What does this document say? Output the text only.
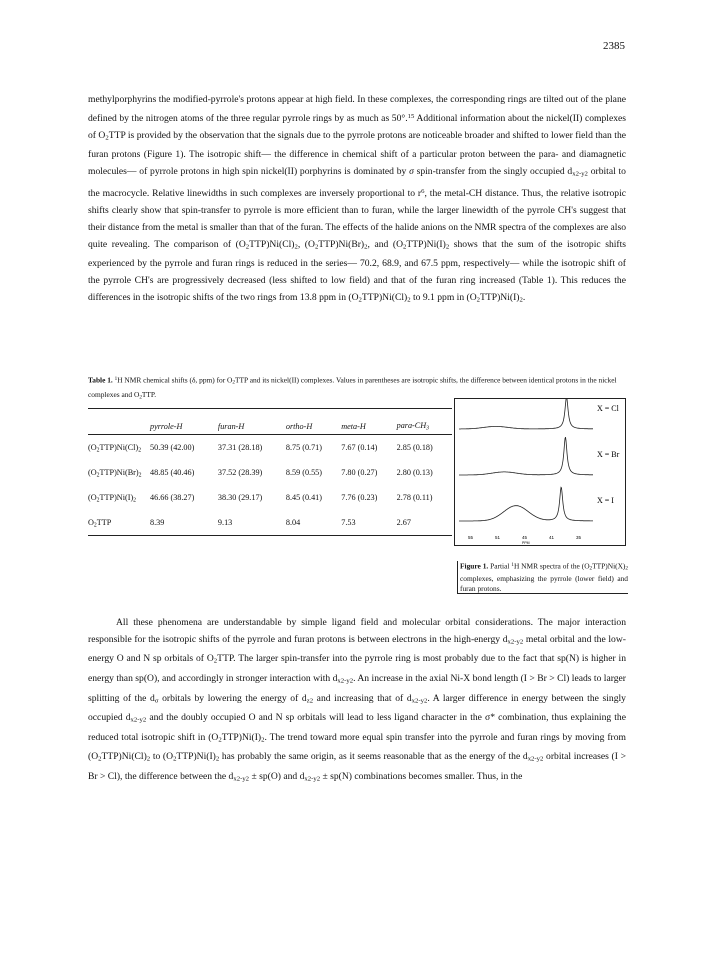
2385

methylporphyrins the modified-pyrrole's protons appear at high field. In these complexes, the corresponding rings are tilted out of the plane defined by the nitrogen atoms of the three regular pyrrole rings by as much as 50°.$^{15}$ Additional information about the nickel(II) complexes of $O_2TTP$ is provided by the observation that the signals due to the pyrrole protons are noticeable broader and shifted to lower field than the furan protons (Figure 1). The isotropic shift— the difference in chemical shift of a particular proton between the para- and diamagnetic molecules— of pyrrole protons in high spin nickel(II) porphyrins is dominated by σ spin-transfer from the singly occupied $d_{x2-y2}$ orbital to the macrocycle. Relative linewidths in such complexes are inversely proportional to $r^6$, the metal-CH distance. Thus, the relative isotropic shifts clearly show that spin-transfer to pyrrole is more efficient than to furan, while the larger linewidth of the pyrrole CH's suggest that their distance from the metal is smaller than that of the furan. The effects of the halide anions on the NMR spectra of the complexes are also quite revealing. The comparison of $(O_2TTP)Ni(Cl)_2$, $(O_2TTP)Ni(Br)_2$, and $(O_2TTP)Ni(I)_2$ shows that the sum of the isotropic shifts experienced by the pyrrole and furan rings is reduced in the series— 70.2, 68.9, and 67.5 ppm, respectively— while the isotropic shift of the pyrrole CH's are progressively decreased (less shifted to low field) and that of the furan ring increased (Table 1). This reduces the differences in the isotropic shifts of the two rings from 13.8 ppm in $(O_2TTP)Ni(Cl)_2$ to 9.1 ppm in $(O_2TTP)Ni(I)_2$.

Table 1. $^1$H NMR chemical shifts (δ, ppm) for $O_2TTP$ and its nickel(II) complexes. Values in parentheses are isotropic shifts, the difference between identical protons in the nickel complexes and $O_2TTP$.

	pyrrole-H	furan-H	ortho-H	meta-H	para-$CH_3$
$(O_2TTP)Ni(Cl)_2$	50.39 (42.00)	37.31 (28.18)	8.75 (0.71)	7.67 (0.14)	2.85 (0.18)
$(O_2TTP)Ni(Br)_2$	48.85 (40.46)	37.52 (28.39)	8.59 (0.55)	7.80 (0.27)	2.80 (0.13)
$(O_2TTP)Ni(I)_2$	46.66 (38.27)	38.30 (29.17)	8.45 (0.41)	7.76 (0.23)	2.78 (0.11)
$O_2TTP$	8.39	9.13	8.04	7.53	2.67
X = Cl
X = Br
X = I
55	51	45	41	35
PPM

Figure 1. Partial $^1$H NMR spectra of the $(O_2TTP)Ni(X)_2$ complexes, emphasizing the pyrrole (lower field) and furan protons.

All these phenomena are understandable by simple ligand field and molecular orbital considerations. The major interaction responsible for the isotropic shifts of the pyrrole and furan protons is between electrons in the high-energy $d_{x2-y2}$ metal orbital and the low-energy O and N sp orbitals of $O_2TTP$. The larger spin-transfer into the pyrrole ring is most probably due to the fact that sp(N) is higher in energy than sp(O), and accordingly in stronger interaction with $d_{x2-y2}$. An increase in the axial Ni-X bond length (I > Br > Cl) leads to larger splitting of the $d_\sigma$ orbitals by lowering the energy of $d_{z2}$ and increasing that of $d_{x2-y2}$. A larger difference in energy between the singly occupied $d_{x2-y2}$ and the doubly occupied O and N sp orbitals will lead to less ligand character in the σ* combination, thus explaining the reduced total isotropic shift in $(O_2TTP)Ni(I)_2$. The trend toward more equal spin transfer into the pyrrole and furan rings by moving from $(O_2TTP)Ni(Cl)_2$ to $(O_2TTP)Ni(I)_2$ has probably the same origin, as it seems reasonable that as the energy of the $d_{x2-y2}$ orbital increases (I > Br > Cl), the difference between the $d_{x2-y2} \pm sp(O)$ and $d_{x2-y2} \pm sp(N)$ combinations becomes smaller. Thus, in the
